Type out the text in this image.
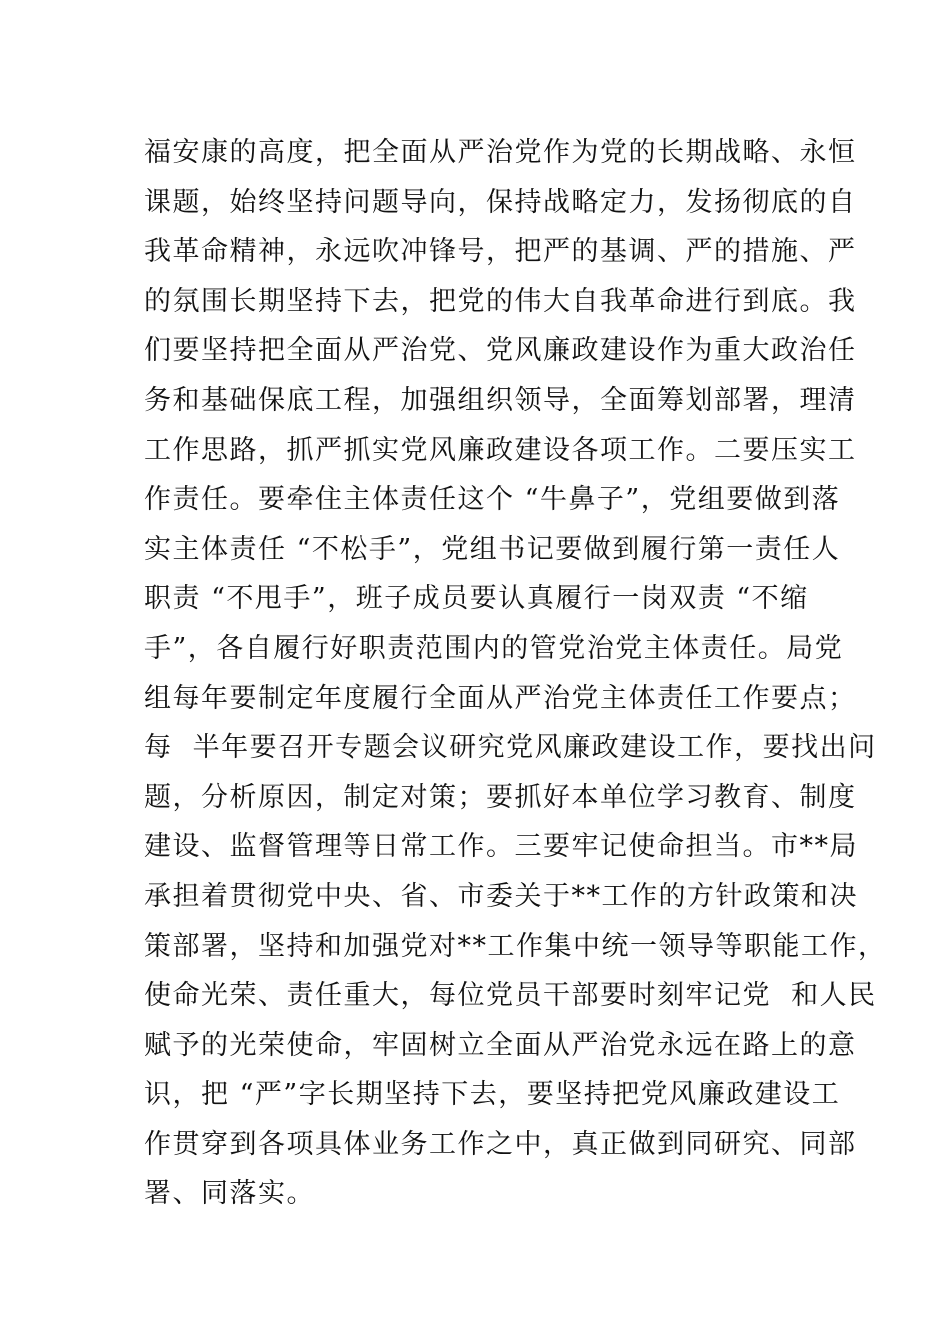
福安康的高度，把全面从严治党作为党的长期战略、永恒
课题，始终坚持问题导向，保持战略定力，发扬彻底的自
我革命精神，永远吹冲锋号，把严的基调、严的措施、严
的氛围长期坚持下去，把党的伟大自我革命进行到底。我
们要坚持把全面从严治党、党风廉政建设作为重大政治任
务和基础保底工程，加强组织领导，全面筹划部署，理清
工作思路，抓严抓实党风廉政建设各项工作。二要压实工
作责任。要牵住主体责任这个 “牛鼻子”，党组要做到落
实主体责任 “不松手”，党组书记要做到履行第一责任人
职责 “不甩手”，班子成员要认真履行一岗双责 “不缩
手”，各自履行好职责范围内的管党治党主体责任。局党
组每年要制定年度履行全面从严治党主体责任工作要点；
每  半年要召开专题会议研究党风廉政建设工作，要找出问
题，分析原因，制定对策；要抓好本单位学习教育、制度
建设、监督管理等日常工作。三要牢记使命担当。市**局
承担着贯彻党中央、省、市委关于**工作的方针政策和决
策部署，坚持和加强党对**工作集中统一领导等职能工作，
使命光荣、责任重大，每位党员干部要时刻牢记党  和人民
赋予的光荣使命，牢固树立全面从严治党永远在路上的意
识，把 “严”字长期坚持下去，要坚持把党风廉政建设工
作贯穿到各项具体业务工作之中，真正做到同研究、同部
署、同落实。
